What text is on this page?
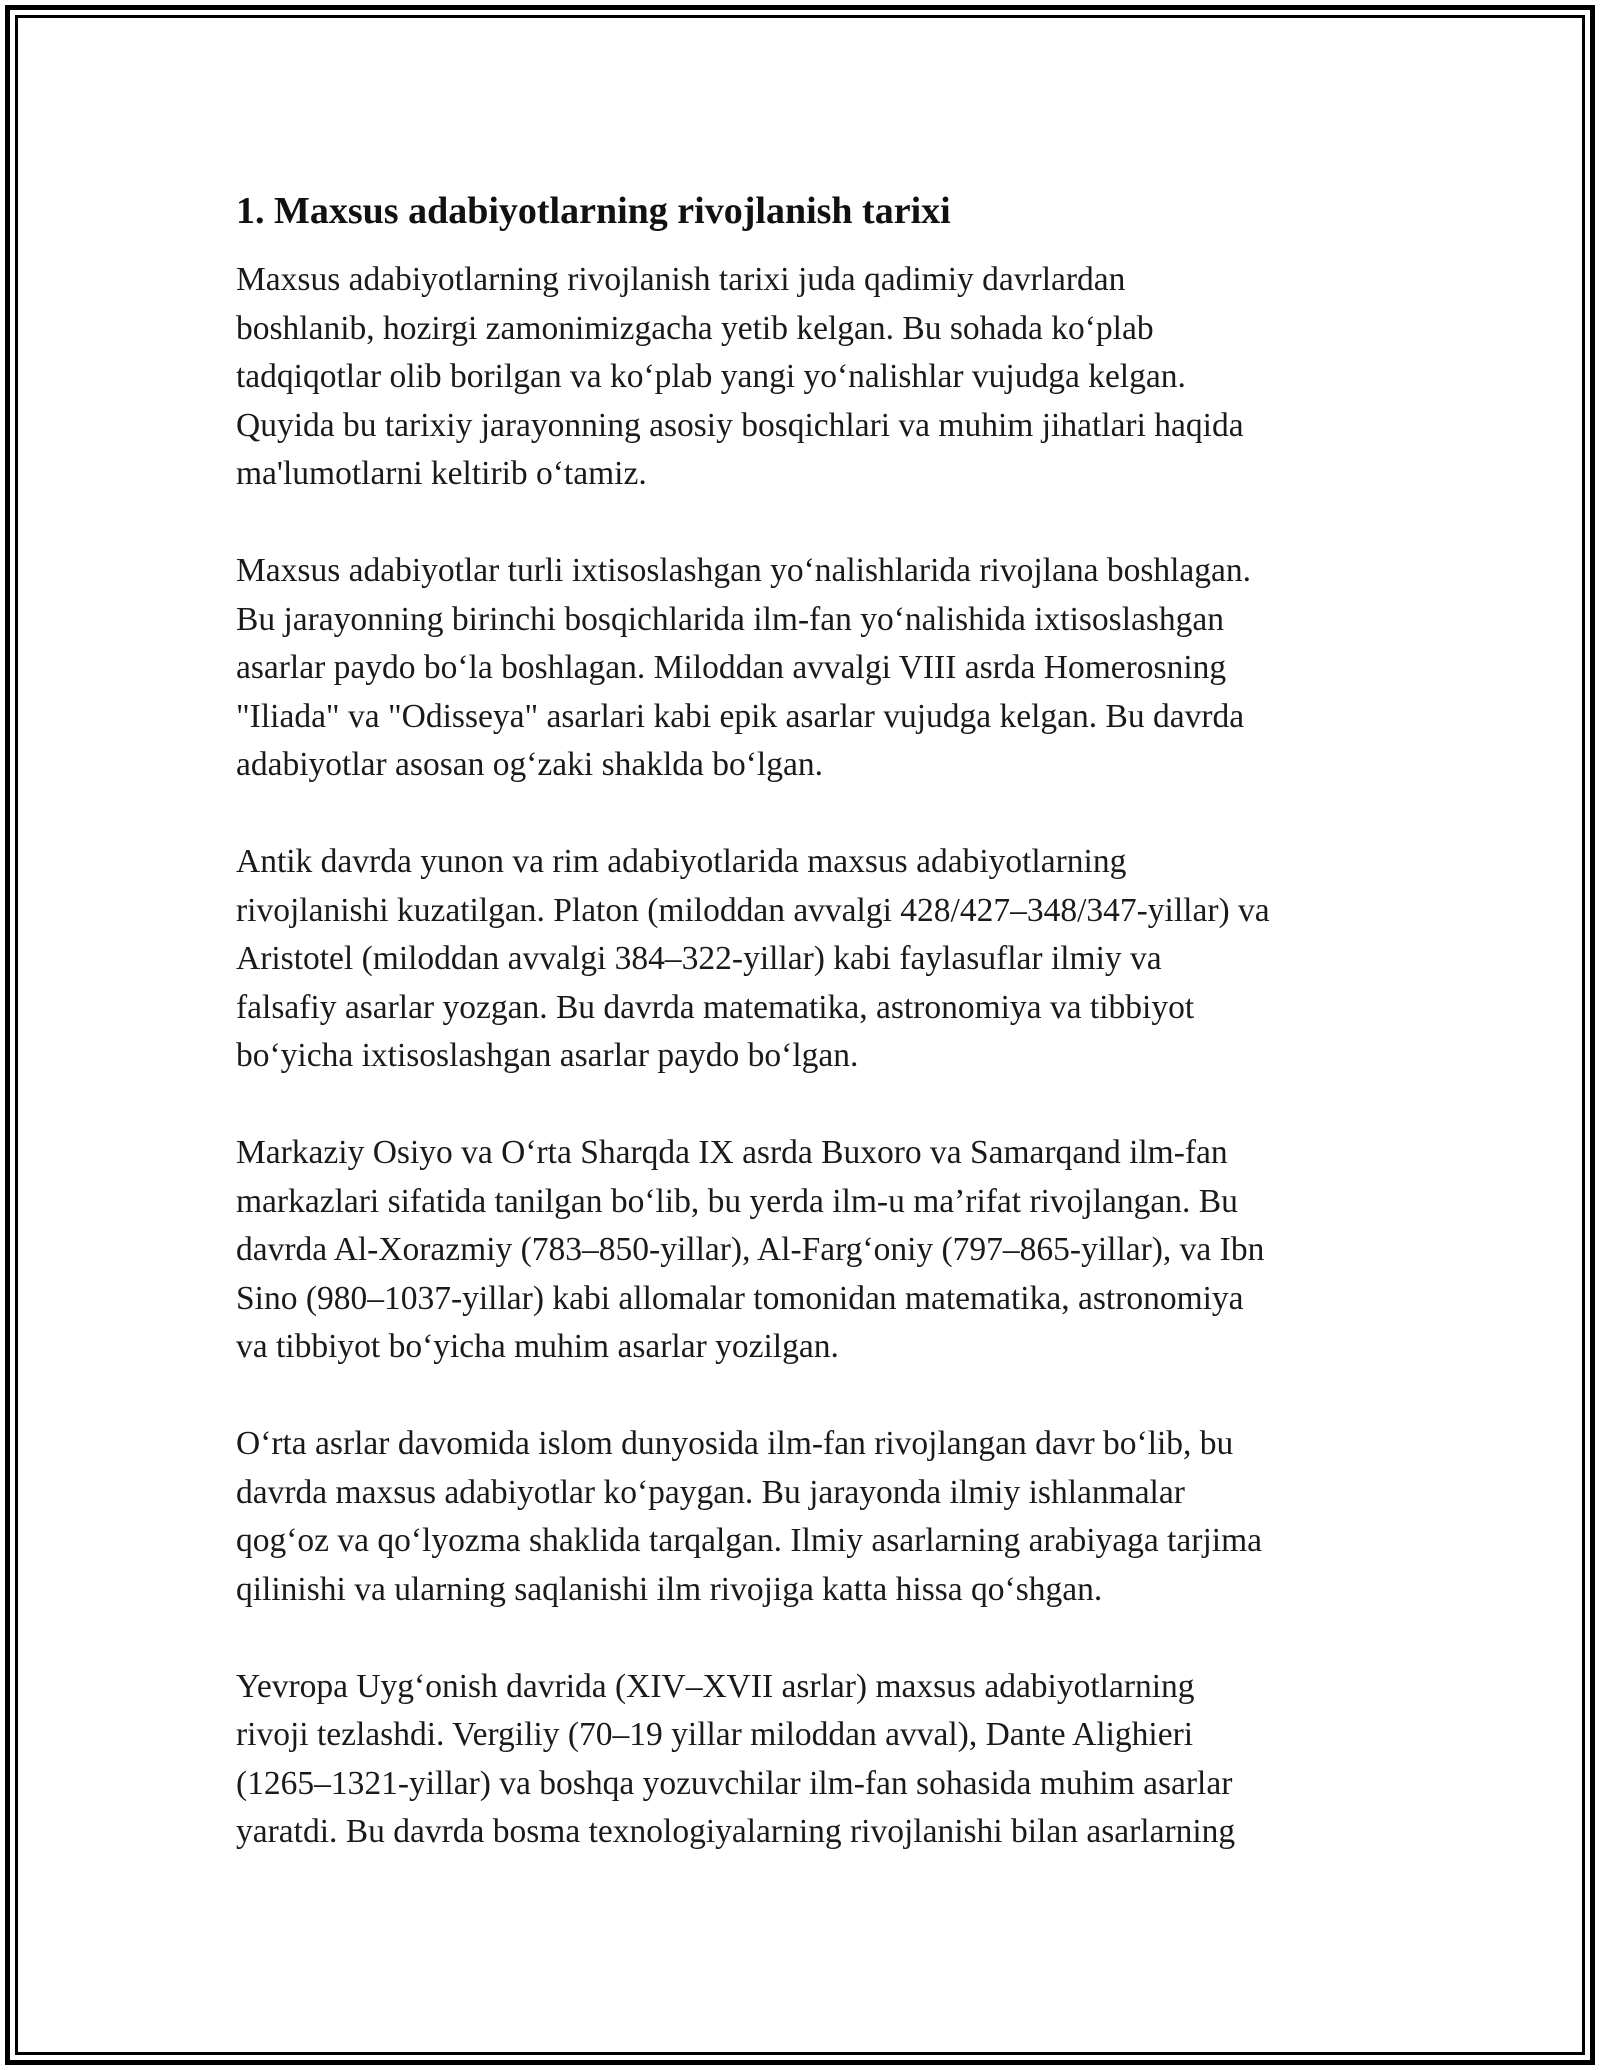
1. Maxsus adabiyotlarning rivojlanish tarixi

Maxsus adabiyotlarning rivojlanish tarixi juda qadimiy davrlardan
boshlanib, hozirgi zamonimizgacha yetib kelgan. Bu sohada ko‘plab
tadqiqotlar olib borilgan va ko‘plab yangi yo‘nalishlar vujudga kelgan.
Quyida bu tarixiy jarayonning asosiy bosqichlari va muhim jihatlari haqida
ma'lumotlarni keltirib o‘tamiz.

Maxsus adabiyotlar turli ixtisoslashgan yo‘nalishlarida rivojlana boshlagan.
Bu jarayonning birinchi bosqichlarida ilm-fan yo‘nalishida ixtisoslashgan
asarlar paydo bo‘la boshlagan. Miloddan avvalgi VIII asrda Homerosning
"Iliada" va "Odisseya" asarlari kabi epik asarlar vujudga kelgan. Bu davrda
adabiyotlar asosan og‘zaki shaklda bo‘lgan.

Antik davrda yunon va rim adabiyotlarida maxsus adabiyotlarning
rivojlanishi kuzatilgan. Platon (miloddan avvalgi 428/427–348/347-yillar) va
Aristotel (miloddan avvalgi 384–322-yillar) kabi faylasuflar ilmiy va
falsafiy asarlar yozgan. Bu davrda matematika, astronomiya va tibbiyot
bo‘yicha ixtisoslashgan asarlar paydo bo‘lgan.

Markaziy Osiyo va O‘rta Sharqda IX asrda Buxoro va Samarqand ilm-fan
markazlari sifatida tanilgan bo‘lib, bu yerda ilm-u ma’rifat rivojlangan. Bu
davrda Al-Xorazmiy (783–850-yillar), Al-Farg‘oniy (797–865-yillar), va Ibn
Sino (980–1037-yillar) kabi allomalar tomonidan matematika, astronomiya
va tibbiyot bo‘yicha muhim asarlar yozilgan.

O‘rta asrlar davomida islom dunyosida ilm-fan rivojlangan davr bo‘lib, bu
davrda maxsus adabiyotlar ko‘paygan. Bu jarayonda ilmiy ishlanmalar
qog‘oz va qo‘lyozma shaklida tarqalgan. Ilmiy asarlarning arabiyaga tarjima
qilinishi va ularning saqlanishi ilm rivojiga katta hissa qo‘shgan.

Yevropa Uyg‘onish davrida (XIV–XVII asrlar) maxsus adabiyotlarning
rivoji tezlashdi. Vergiliy (70–19 yillar miloddan avval), Dante Alighieri
(1265–1321-yillar) va boshqa yozuvchilar ilm-fan sohasida muhim asarlar
yaratdi. Bu davrda bosma texnologiyalarning rivojlanishi bilan asarlarning
